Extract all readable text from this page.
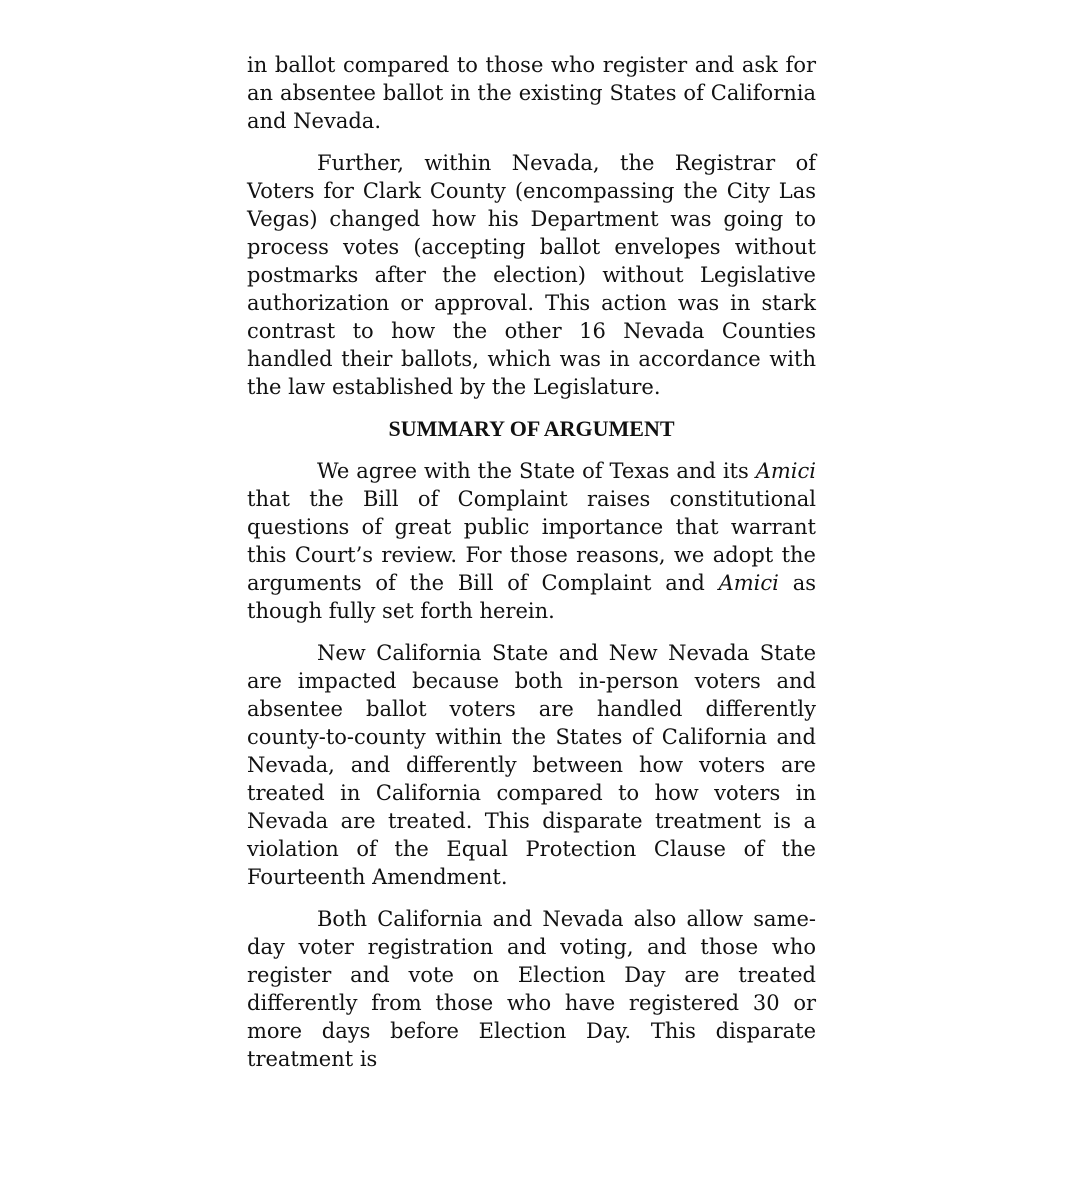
in ballot compared to those who register and ask for an absentee ballot in the existing States of California and Nevada.

Further, within Nevada, the Registrar of Voters for Clark County (encompassing the City Las Vegas) changed how his Department was going to process votes (accepting ballot envelopes without postmarks after the election) without Legislative authorization or approval. This action was in stark contrast to how the other 16 Nevada Counties handled their ballots, which was in accordance with the law established by the Legislature.

SUMMARY OF ARGUMENT

We agree with the State of Texas and its Amici that the Bill of Complaint raises constitutional questions of great public importance that warrant this Court’s review. For those reasons, we adopt the arguments of the Bill of Complaint and Amici as though fully set forth herein.

New California State and New Nevada State are impacted because both in-person voters and absentee ballot voters are handled differently county-to-county within the States of California and Nevada, and differently between how voters are treated in California compared to how voters in Nevada are treated. This disparate treatment is a violation of the Equal Protection Clause of the Fourteenth Amendment.

Both California and Nevada also allow same-day voter registration and voting, and those who register and vote on Election Day are treated differently from those who have registered 30 or more days before Election Day. This disparate treatment is
